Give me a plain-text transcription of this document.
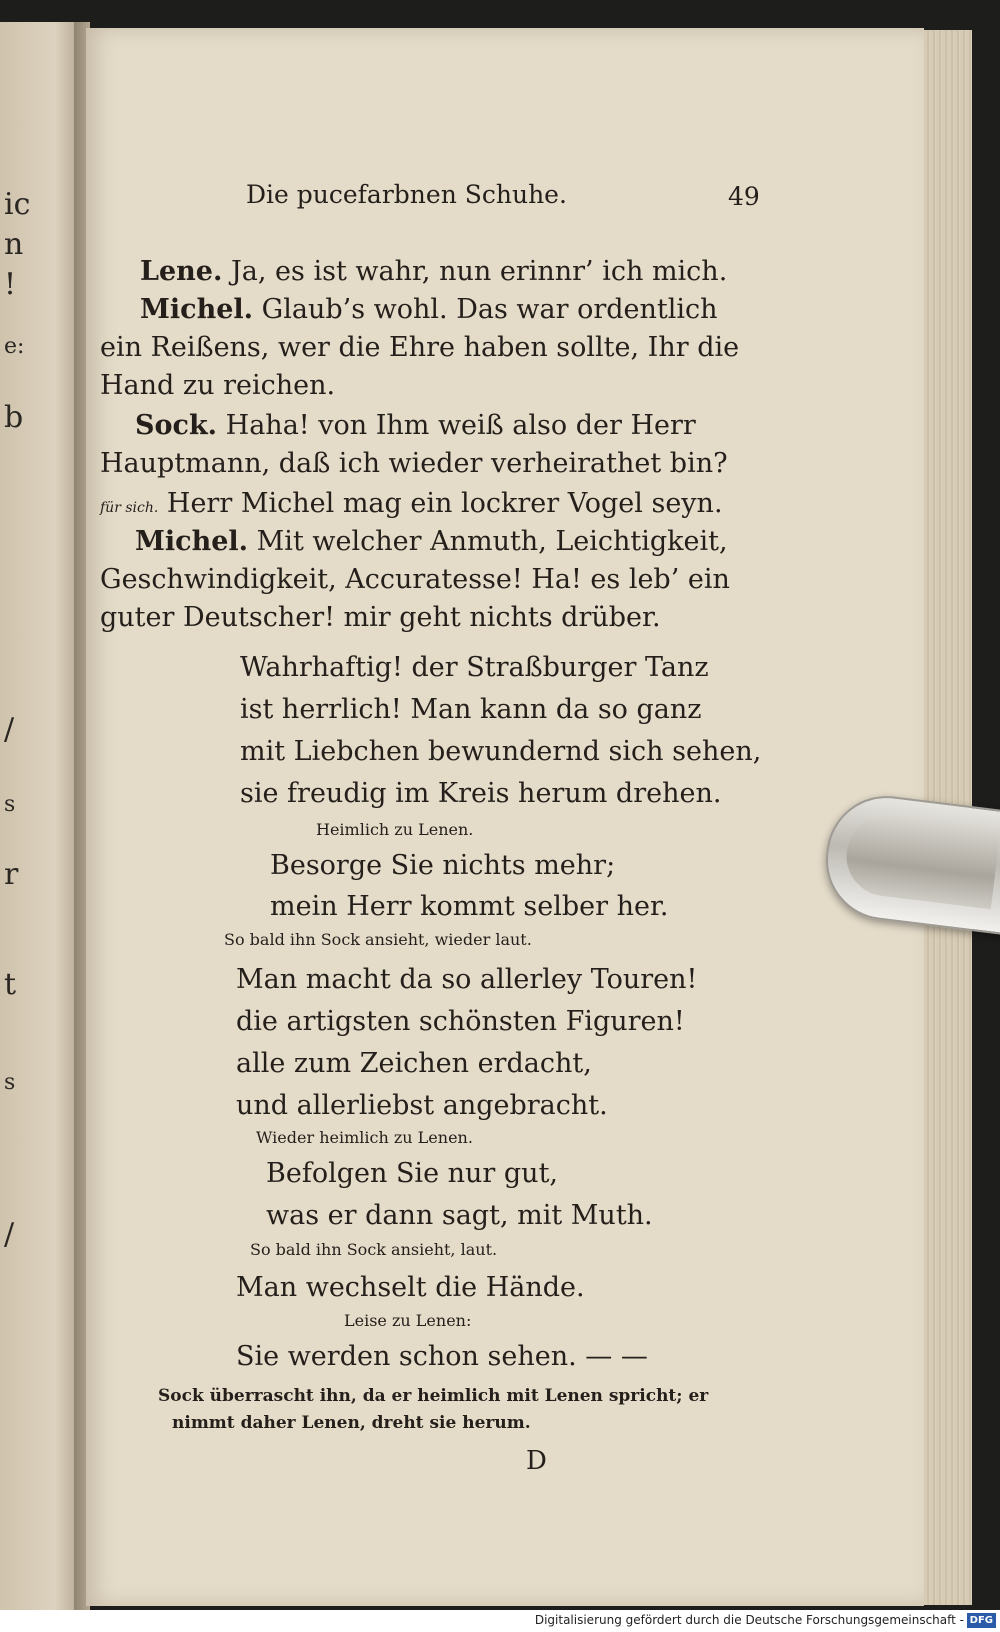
ic
n
!
e:
b
/
s
r
t
s
/
Die pucefarbnen Schuhe.	49
Lene. Ja, es ist wahr, nun erinnr’ ich mich.
Michel. Glaub’s wohl. Das war ordentlich
ein Reißens, wer die Ehre haben sollte, Ihr die
Hand zu reichen.
Sock. Haha! von Ihm weiß also der Herr
Hauptmann, daß ich wieder verheirathet bin?
für sich. Herr Michel mag ein lockrer Vogel seyn.
Michel. Mit welcher Anmuth, Leichtigkeit,
Geschwindigkeit, Accuratesse! Ha! es leb’ ein
guter Deutscher! mir geht nichts drüber.
Wahrhaftig! der Straßburger Tanz
ist herrlich! Man kann da so ganz
mit Liebchen bewundernd sich sehen,
sie freudig im Kreis herum drehen.
Heimlich zu Lenen.
Besorge Sie nichts mehr;
mein Herr kommt selber her.
So bald ihn Sock ansieht, wieder laut.
Man macht da so allerley Touren!
die artigsten schönsten Figuren!
alle zum Zeichen erdacht,
und allerliebst angebracht.
Wieder heimlich zu Lenen.
Befolgen Sie nur gut,
was er dann sagt, mit Muth.
So bald ihn Sock ansieht, laut.
Man wechselt die Hände.
Leise zu Lenen:
Sie werden schon sehen. — —
Sock überrascht ihn, da er heimlich mit Lenen spricht; er
nimmt daher Lenen, dreht sie herum.
D
Digitalisierung gefördert durch die Deutsche Forschungsgemeinschaft - DFG
